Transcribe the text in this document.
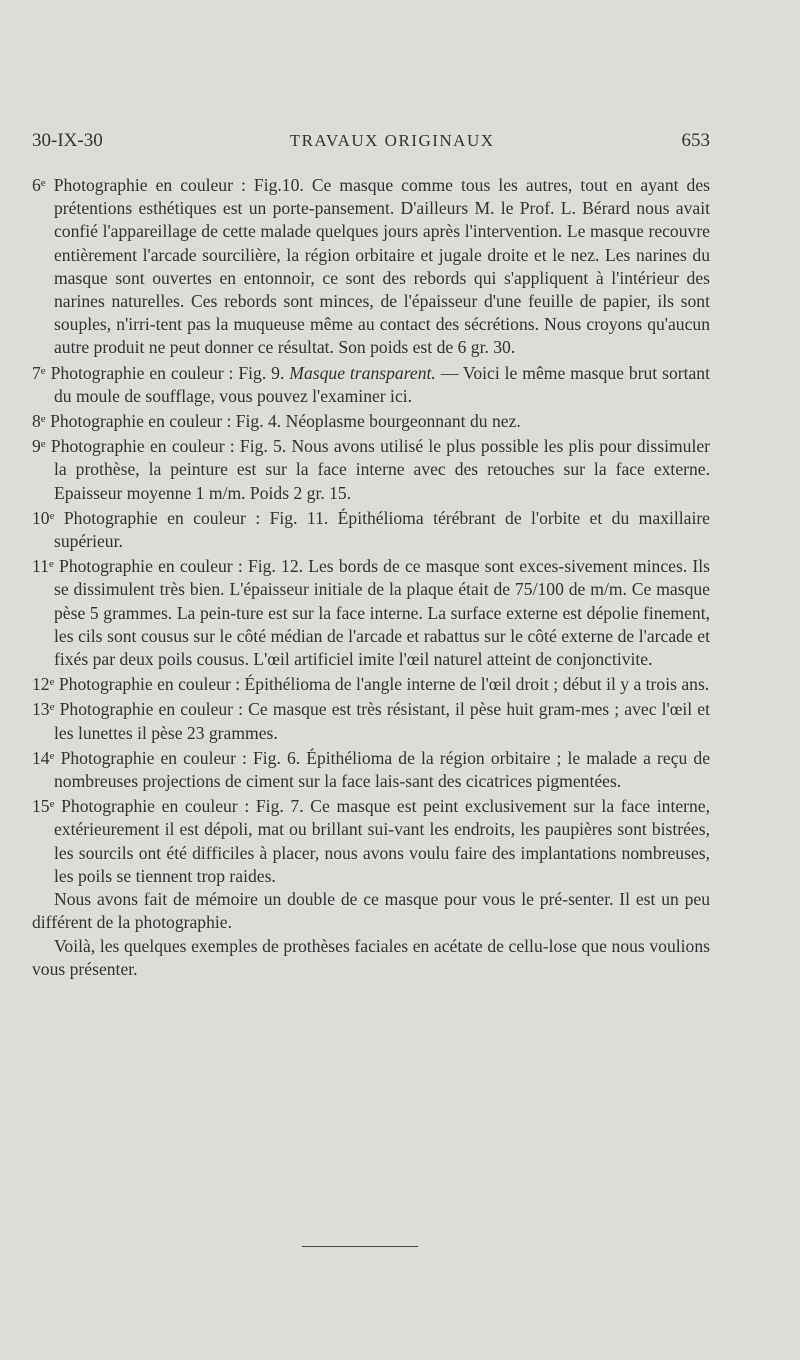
30-IX-30	TRAVAUX ORIGINAUX	653

6e Photographie en couleur : Fig.10. Ce masque comme tous les autres, tout en ayant des prétentions esthétiques est un porte-pansement. D'ailleurs M. le Prof. L. Bérard nous avait confié l'appareillage de cette malade quelques jours après l'intervention. Le masque recouvre entièrement l'arcade sourcilière, la région orbitaire et jugale droite et le nez. Les narines du masque sont ouvertes en entonnoir, ce sont des rebords qui s'appliquent à l'intérieur des narines naturelles. Ces rebords sont minces, de l'épaisseur d'une feuille de papier, ils sont souples, n'irri-tent pas la muqueuse même au contact des sécrétions. Nous croyons qu'aucun autre produit ne peut donner ce résultat. Son poids est de 6 gr. 30.

7e Photographie en couleur : Fig. 9. Masque transparent. — Voici le même masque brut sortant du moule de soufflage, vous pouvez l'examiner ici.

8e Photographie en couleur : Fig. 4. Néoplasme bourgeonnant du nez.

9e Photographie en couleur : Fig. 5. Nous avons utilisé le plus possible les plis pour dissimuler la prothèse, la peinture est sur la face interne avec des retouches sur la face externe. Epaisseur moyenne 1 m/m. Poids 2 gr. 15.

10e Photographie en couleur : Fig. 11. Épithélioma térébrant de l'orbite et du maxillaire supérieur.

11e Photographie en couleur : Fig. 12. Les bords de ce masque sont exces-sivement minces. Ils se dissimulent très bien. L'épaisseur initiale de la plaque était de 75/100 de m/m. Ce masque pèse 5 grammes. La pein-ture est sur la face interne. La surface externe est dépolie finement, les cils sont cousus sur le côté médian de l'arcade et rabattus sur le côté externe de l'arcade et fixés par deux poils cousus. L'œil artificiel imite l'œil naturel atteint de conjonctivite.

12e Photographie en couleur : Épithélioma de l'angle interne de l'œil droit ; début il y a trois ans.

13e Photographie en couleur : Ce masque est très résistant, il pèse huit gram-mes ; avec l'œil et les lunettes il pèse 23 grammes.

14e Photographie en couleur : Fig. 6. Épithélioma de la région orbitaire ; le malade a reçu de nombreuses projections de ciment sur la face lais-sant des cicatrices pigmentées.

15e Photographie en couleur : Fig. 7. Ce masque est peint exclusivement sur la face interne, extérieurement il est dépoli, mat ou brillant sui-vant les endroits, les paupières sont bistrées, les sourcils ont été difficiles à placer, nous avons voulu faire des implantations nombreuses, les poils se tiennent trop raides.

Nous avons fait de mémoire un double de ce masque pour vous le pré-senter. Il est un peu différent de la photographie.

Voilà, les quelques exemples de prothèses faciales en acétate de cellu-lose que nous voulions vous présenter.
